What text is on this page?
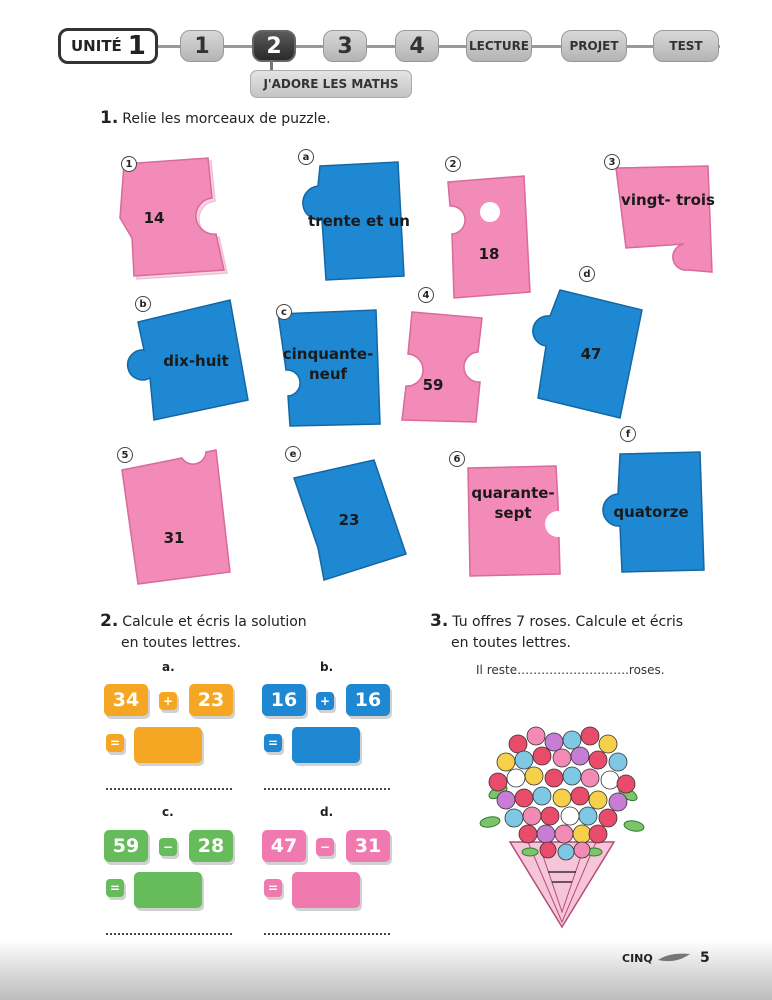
UNITÉ 1	1	2	3	4	LECTURE	PROJET	TEST
J'ADORE LES MATHS
1. Relie les morceaux de puzzle.
14
1
trente et un
a
18
2
vingt- trois
3
dix-huit
b
cinquante- neuf
c
59
4
47
d
31
5
23
e
quarante- sept
6
quatorze
f
2. Calcule et écris la solution
en toutes lettres.
a.
34	+	23
=
b.
16	+	16
=
c.
59	−	28
=
d.
47	−	31
=
3. Tu offres 7 roses. Calcule et écris
en toutes lettres.
Il reste……………………….roses.
CINQ	5
